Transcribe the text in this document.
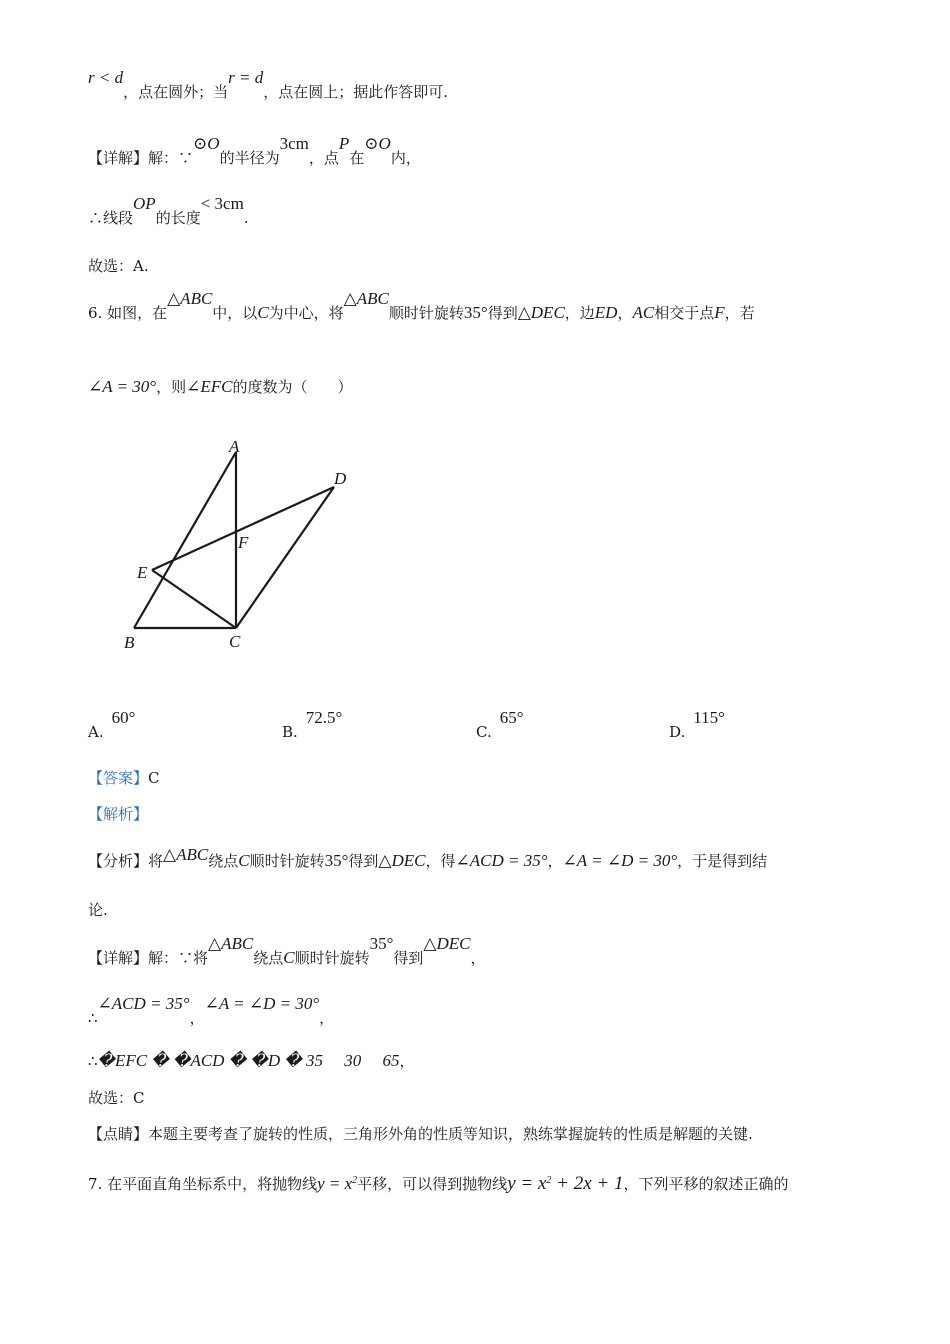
r < d，点在圆外；当r = d，点在圆上；据此作答即可.
【详解】解：∵⊙O的半径为3cm，点P在⊙O内，
∴线段OP的长度< 3cm.
故选：A.
6. 如图，在△ABC中，以C为中心，将△ABC顺时针旋转35°得到△DEC，边ED，AC相交于点F，若
∠A = 30°，则∠EFC的度数为（　　）
A
B	C
D
E
F
A.60°
B.72.5°
C.65°
D.115°
【答案】C
【解析】
【分析】将△ABC绕点C顺时针旋转35°得到△DEC，得∠ACD = 35°，∠A = ∠D = 30°，于是得到结
论.
【详解】解：∵将△ABC绕点C顺时针旋转35°得到△DEC，
∴∠ACD = 35°，∠A = ∠D = 30°，
∴�EFC � �ACD � �D � 35　 30　 65，
故选：C
【点睛】本题主要考查了旋转的性质，三角形外角的性质等知识，熟练掌握旋转的性质是解题的关键.
7. 在平面直角坐标系中，将抛物线$y = x^2$平移，可以得到抛物线$y = x^2 + 2x + 1$，下列平移的叙述正确的
